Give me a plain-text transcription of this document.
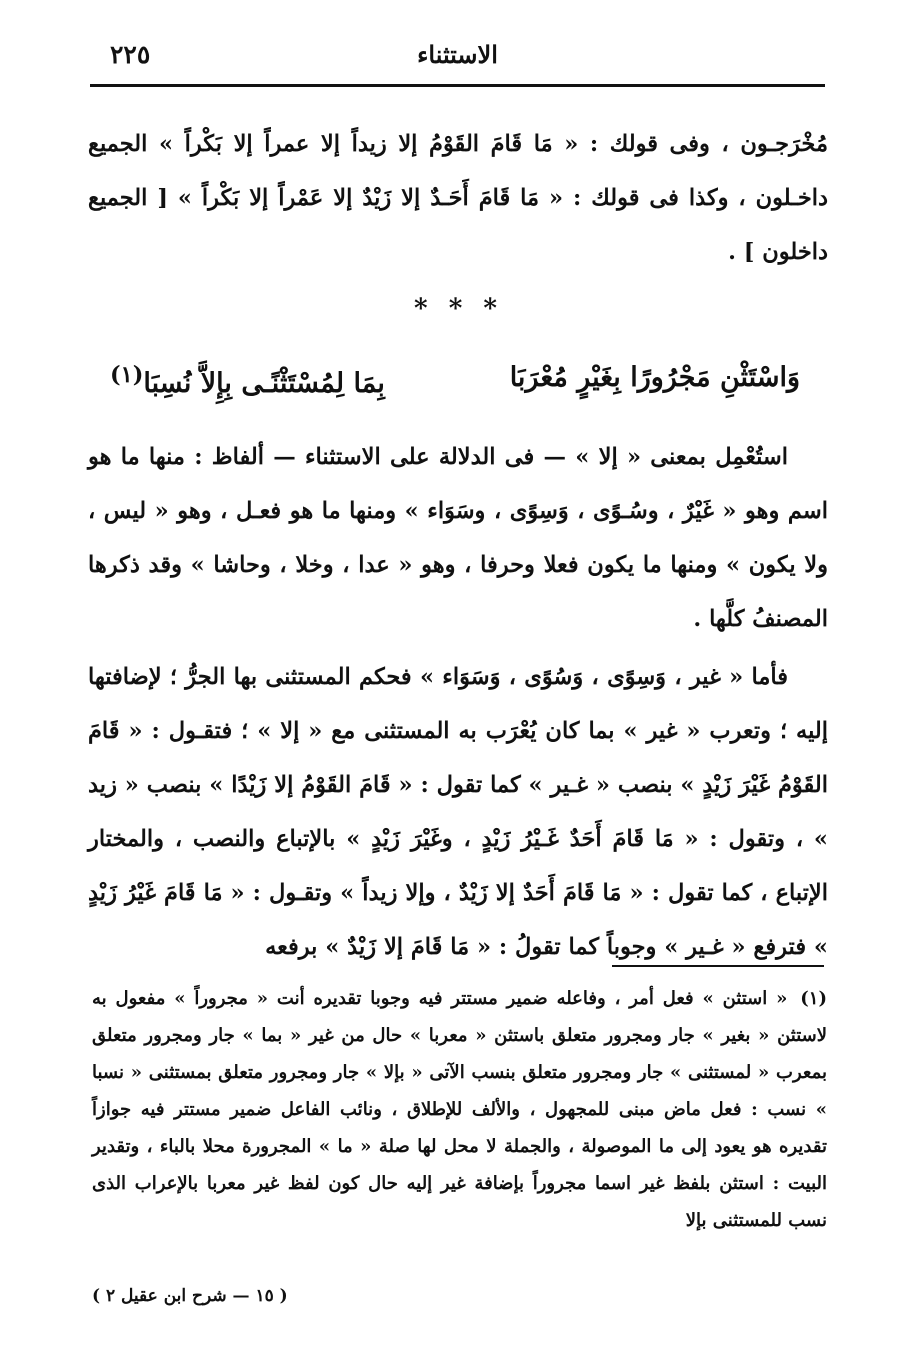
الاستثناء
٢٢٥
مُخْرَجـون ، وفى قولك : « مَا قَامَ القَوْمُ إلا زيداً إلا عمراً إلا بَكْراً » الجميع داخـلون ، وكذا فى قولك : « مَا قَامَ أَحَـدٌ إلا زَيْدٌ إلا عَمْراً إلا بَكْراً » [ الجميع داخلون ] .
* * *
وَاسْتَثْنِ مَجْرُورًا بِغَيْرٍ مُعْرَبَا
بِمَا لِمُسْتَثْنًـى بِإِلاَّ نُسِبَا$^{(١)}$
استُعْمِل بمعنى « إلا » — فى الدلالة على الاستثناء — ألفاظ : منها ما هو اسم وهو « غَيْرٌ ، وسُـوًى ، وَسِوًى ، وسَوَاء » ومنها ما هو فعـل ، وهو « ليس ، ولا يكون » ومنها ما يكون فعلا وحرفا ، وهو « عدا ، وخلا ، وحاشا » وقد ذكرها المصنفُ كلَّها .
فأما « غير ، وَسِوًى ، وَسُوًى ، وَسَوَاء » فحكم المستثنى بها الجرُّ ؛ لإضافتها إليه ؛ وتعرب « غير » بما كان يُعْرَب به المستثنى مع « إلا » ؛ فتقـول : « قَامَ القَوْمُ غَيْرَ زَيْدٍ » بنصب « غـير » كما تقول : « قَامَ القَوْمُ إلا زَيْدًا » بنصب « زيد » ، وتقول : « مَا قَامَ أَحَدٌ غَـيْرُ زَيْدٍ ، وغَيْرَ زَيْدٍ » بالإتباع والنصب ، والمختار الإتباع ، كما تقول : « مَا قَامَ أَحَدٌ إلا زَيْدٌ ، وإلا زيداً » وتقـول : « مَا قَامَ غَيْرُ زَيْدٍ » فترفع « غـير » وجوباً كما تقولُ : « مَا قَامَ إلا زَيْدٌ » برفعه
(١) « استثن » فعل أمر ، وفاعله ضمير مستتر فيه وجوبا تقديره أنت « مجروراً » مفعول به لاستثن « بغير » جار ومجرور متعلق باستثن « معربا » حال من غير « بما » جار ومجرور متعلق بمعرب « لمستثنى » جار ومجرور متعلق بنسب الآتى « بإلا » جار ومجرور متعلق بمستثنى « نسبا » نسب : فعل ماض مبنى للمجهول ، والألف للإطلاق ، ونائب الفاعل ضمير مستتر فيه جوازاً تقديره هو يعود إلى ما الموصولة ، والجملة لا محل لها صلة « ما » المجرورة محلا بالباء ، وتقدير البيت : استثن بلفظ غير اسما مجروراً بإضافة غير إليه حال كون لفظ غير معربا بالإعراب الذى نسب للمستثنى بإلا
( ١٥ — شرح ابن عقيل ٢ )
